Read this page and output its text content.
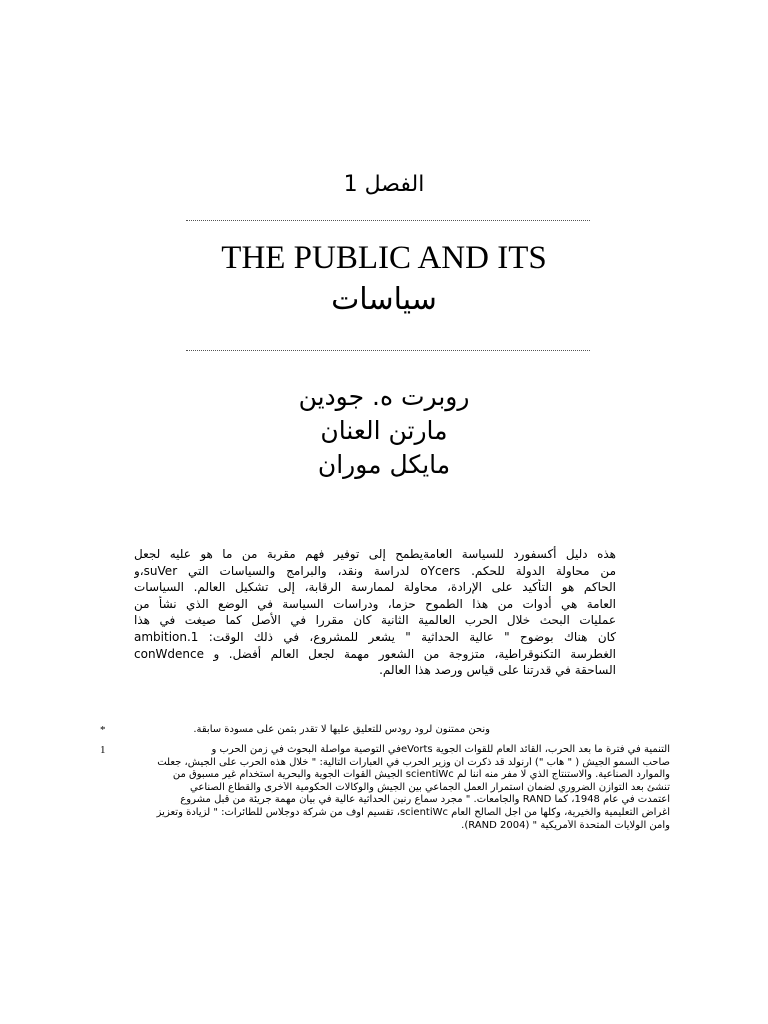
الفصل 1
THE PUBLIC AND ITS
سياسات
روبرت ه. جودين
مارتن العنان
مايكل موران
هذه دليل أكسفورد للسياسة العامةيطمح إلى توفير فهم مقربة من ما هو عليه لجعل
من محاولة الدولة للحكم. oYcers لدراسة ونقد، والبرامج والسياسات التي suVer،و
الحاكم هو التأكيد على الإرادة، محاولة لممارسة الرقابة، إلى تشكيل العالم. السياسات
العامة هي أدوات من هذا الطموح حزما، ودراسات السياسة في الوضع الذي نشأ من
عمليات البحث خلال الحرب العالمية الثانية كان مقررا في الأصل كما صيغت في هذا
كان هناك بوضوح " عالية الحداثية " يشعر للمشروع، في ذلك الوقت: ambition.1
الغطرسة التكنوقراطية، متزوجة من الشعور مهمة لجعل العالم أفضل. و conWdence
الساحقة في قدرتنا على قياس ورصد هذا العالم.
*	ونحن ممتنون لرود رودس للتعليق عليها لا تقدر بثمن على مسودة سابقة.
1	التنمية في فترة ما بعد الحرب، القائد العام للقوات الجوية eVortsفي التوصية مواصلة البحوث في زمن الحرب و
صاحب السمو الجيش ( " هاب ") أرنولد قد ذكرت أن وزير الحرب في العبارات التالية: " خلال هذه الحرب على الجيش، جعلت
والموارد الصناعية. والاستنتاج الذي لا مفر منه أننا لم scientiWc الجيش القوات الجوية والبحرية استخدام غير مسبوق من
تنشئ بعد التوازن الضروري لضمان استمرار العمل الجماعي بين الجيش والوكالات الحكومية الأخرى والقطاع الصناعي
اعتمدت في عام 1948، كما RAND والجامعات. " مجرد سماع رنين الحداثية عالية في بيان مهمة جريئة من قبل مشروع
أغراض التعليمية والخيرية، وكلها من أجل الصالح العام scientiWc، تقسيم اوف من شركة دوجلاس للطائرات: " لزيادة وتعزيز
وأمن الولايات المتحدة الأمريكية " (RAND 2004).
